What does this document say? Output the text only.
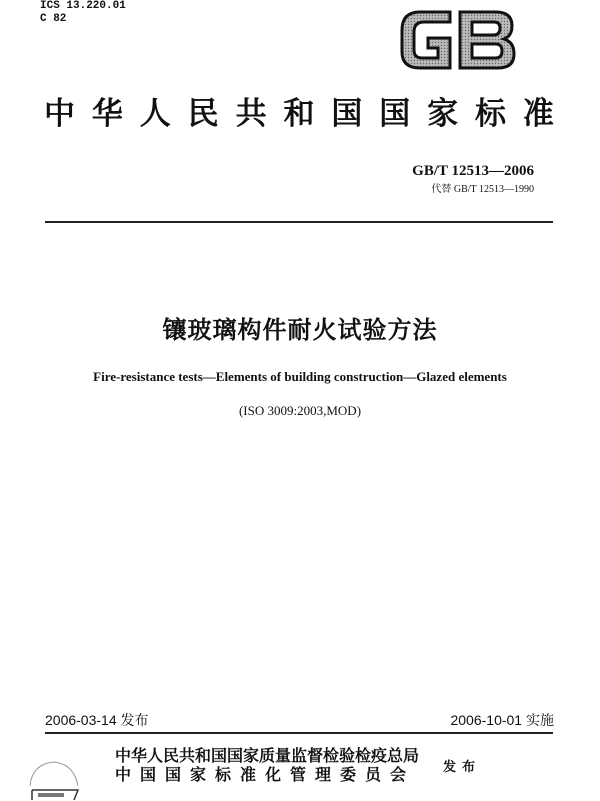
ICS 13.220.01
C 82
中 华 人 民 共 和 国 国 家 标 准
GB/T 12513—2006
代替 GB/T 12513—1990
镶玻璃构件耐火试验方法
Fire-resistance tests—Elements of building construction—Glazed elements
(ISO 3009:2003,MOD)
2006-03-14 发布	2006-10-01 实施
中华人民共和国国家质量监督检验检疫总局
中国国家标准化管理委员会	发布
